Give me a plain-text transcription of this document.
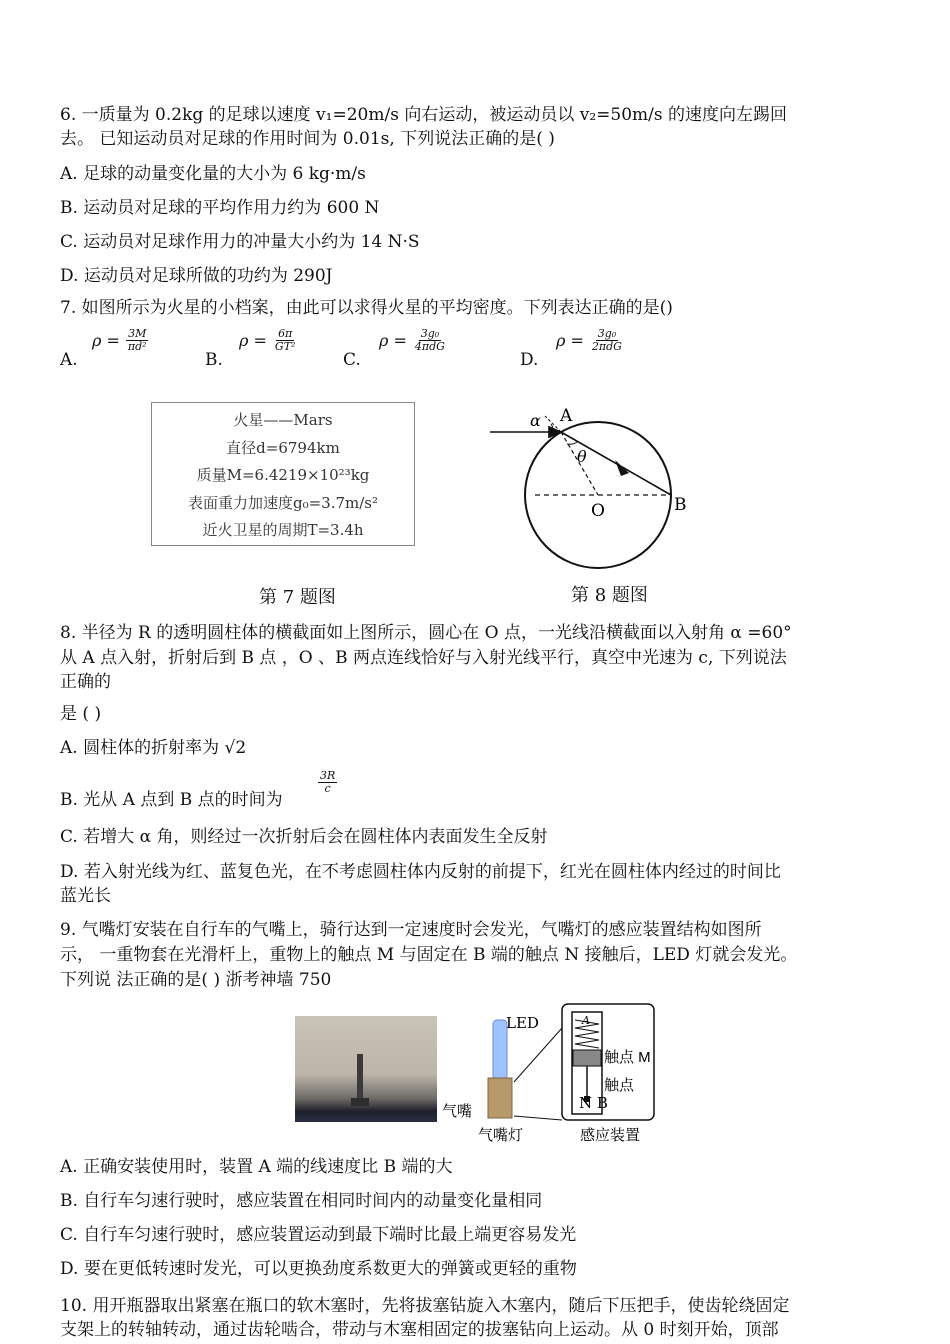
6. 一质量为 0.2kg 的足球以速度 v₁=20m/s 向右运动，被运动员以 v₂=50m/s 的速度向左踢回
去。 已知运动员对足球的作用时间为 0.01s, 下列说法正确的是( )
A. 足球的动量变化量的大小为 6 kg·m/s
B. 运动员对足球的平均作用力约为 600 N
C. 运动员对足球作用力的冲量大小约为 14 N·S
D. 运动员对足球所做的功约为 290J
7. 如图所示为火星的小档案，由此可以求得火星的平均密度。下列表达正确的是()
A.
$\rho = \frac{3M}{\text{πd²}}$
B.
$\rho = \frac{6\pi}{\text{GT²}}$
C.
$\rho = \frac{\text{3g₀}}{\text{4πdG}}$
D.
$\rho = \frac{\text{3g₀}}{\text{2πdG}}$
火星——Mars
直径d=6794km
质量M=6.4219×10²³kg
表面重力加速度g₀=3.7m/s²
近火卫星的周期T=3.4h
α A
θ
O	B
第 7 题图	第 8 题图
8. 半径为 R 的透明圆柱体的横截面如上图所示，圆心在 O 点，一光线沿横截面以入射角 α =60°
从 A 点入射，折射后到 B 点 ，O 、B 两点连线恰好与入射光线平行，真空中光速为 c, 下列说法
正确的
是 ( )
A. 圆柱体的折射率为 √2
B. 光从 A 点到 B 点的时间为
$\frac{3R}{c}$
C. 若增大 α 角，则经过一次折射后会在圆柱体内表面发生全反射
D. 若入射光线为红、蓝复色光，在不考虑圆柱体内反射的前提下，红光在圆柱体内经过的时间比
蓝光长
9. 气嘴灯安装在自行车的气嘴上，骑行达到一定速度时会发光，气嘴灯的感应装置结构如图所
示， 一重物套在光滑杆上，重物上的触点 M 与固定在 B 端的触点 N 接触后，LED 灯就会发光。
下列说 法正确的是( ) 浙考神墙 750
A
LED
触点 M
触点
N B
气嘴
气嘴灯	感应装置
A. 正确安装使用时，装置 A 端的线速度比 B 端的大
B. 自行车匀速行驶时，感应装置在相同时间内的动量变化量相同
C. 自行车匀速行驶时，感应装置运动到最下端时比最上端更容易发光
D. 要在更低转速时发光，可以更换劲度系数更大的弹簧或更轻的重物
10. 用开瓶器取出紧塞在瓶口的软木塞时，先将拔塞钻旋入木塞内，随后下压把手，使齿轮绕固定
支架上的转轴转动，通过齿轮啮合，带动与木塞相固定的拔塞钻向上运动。从 0 时刻开始，顶部
